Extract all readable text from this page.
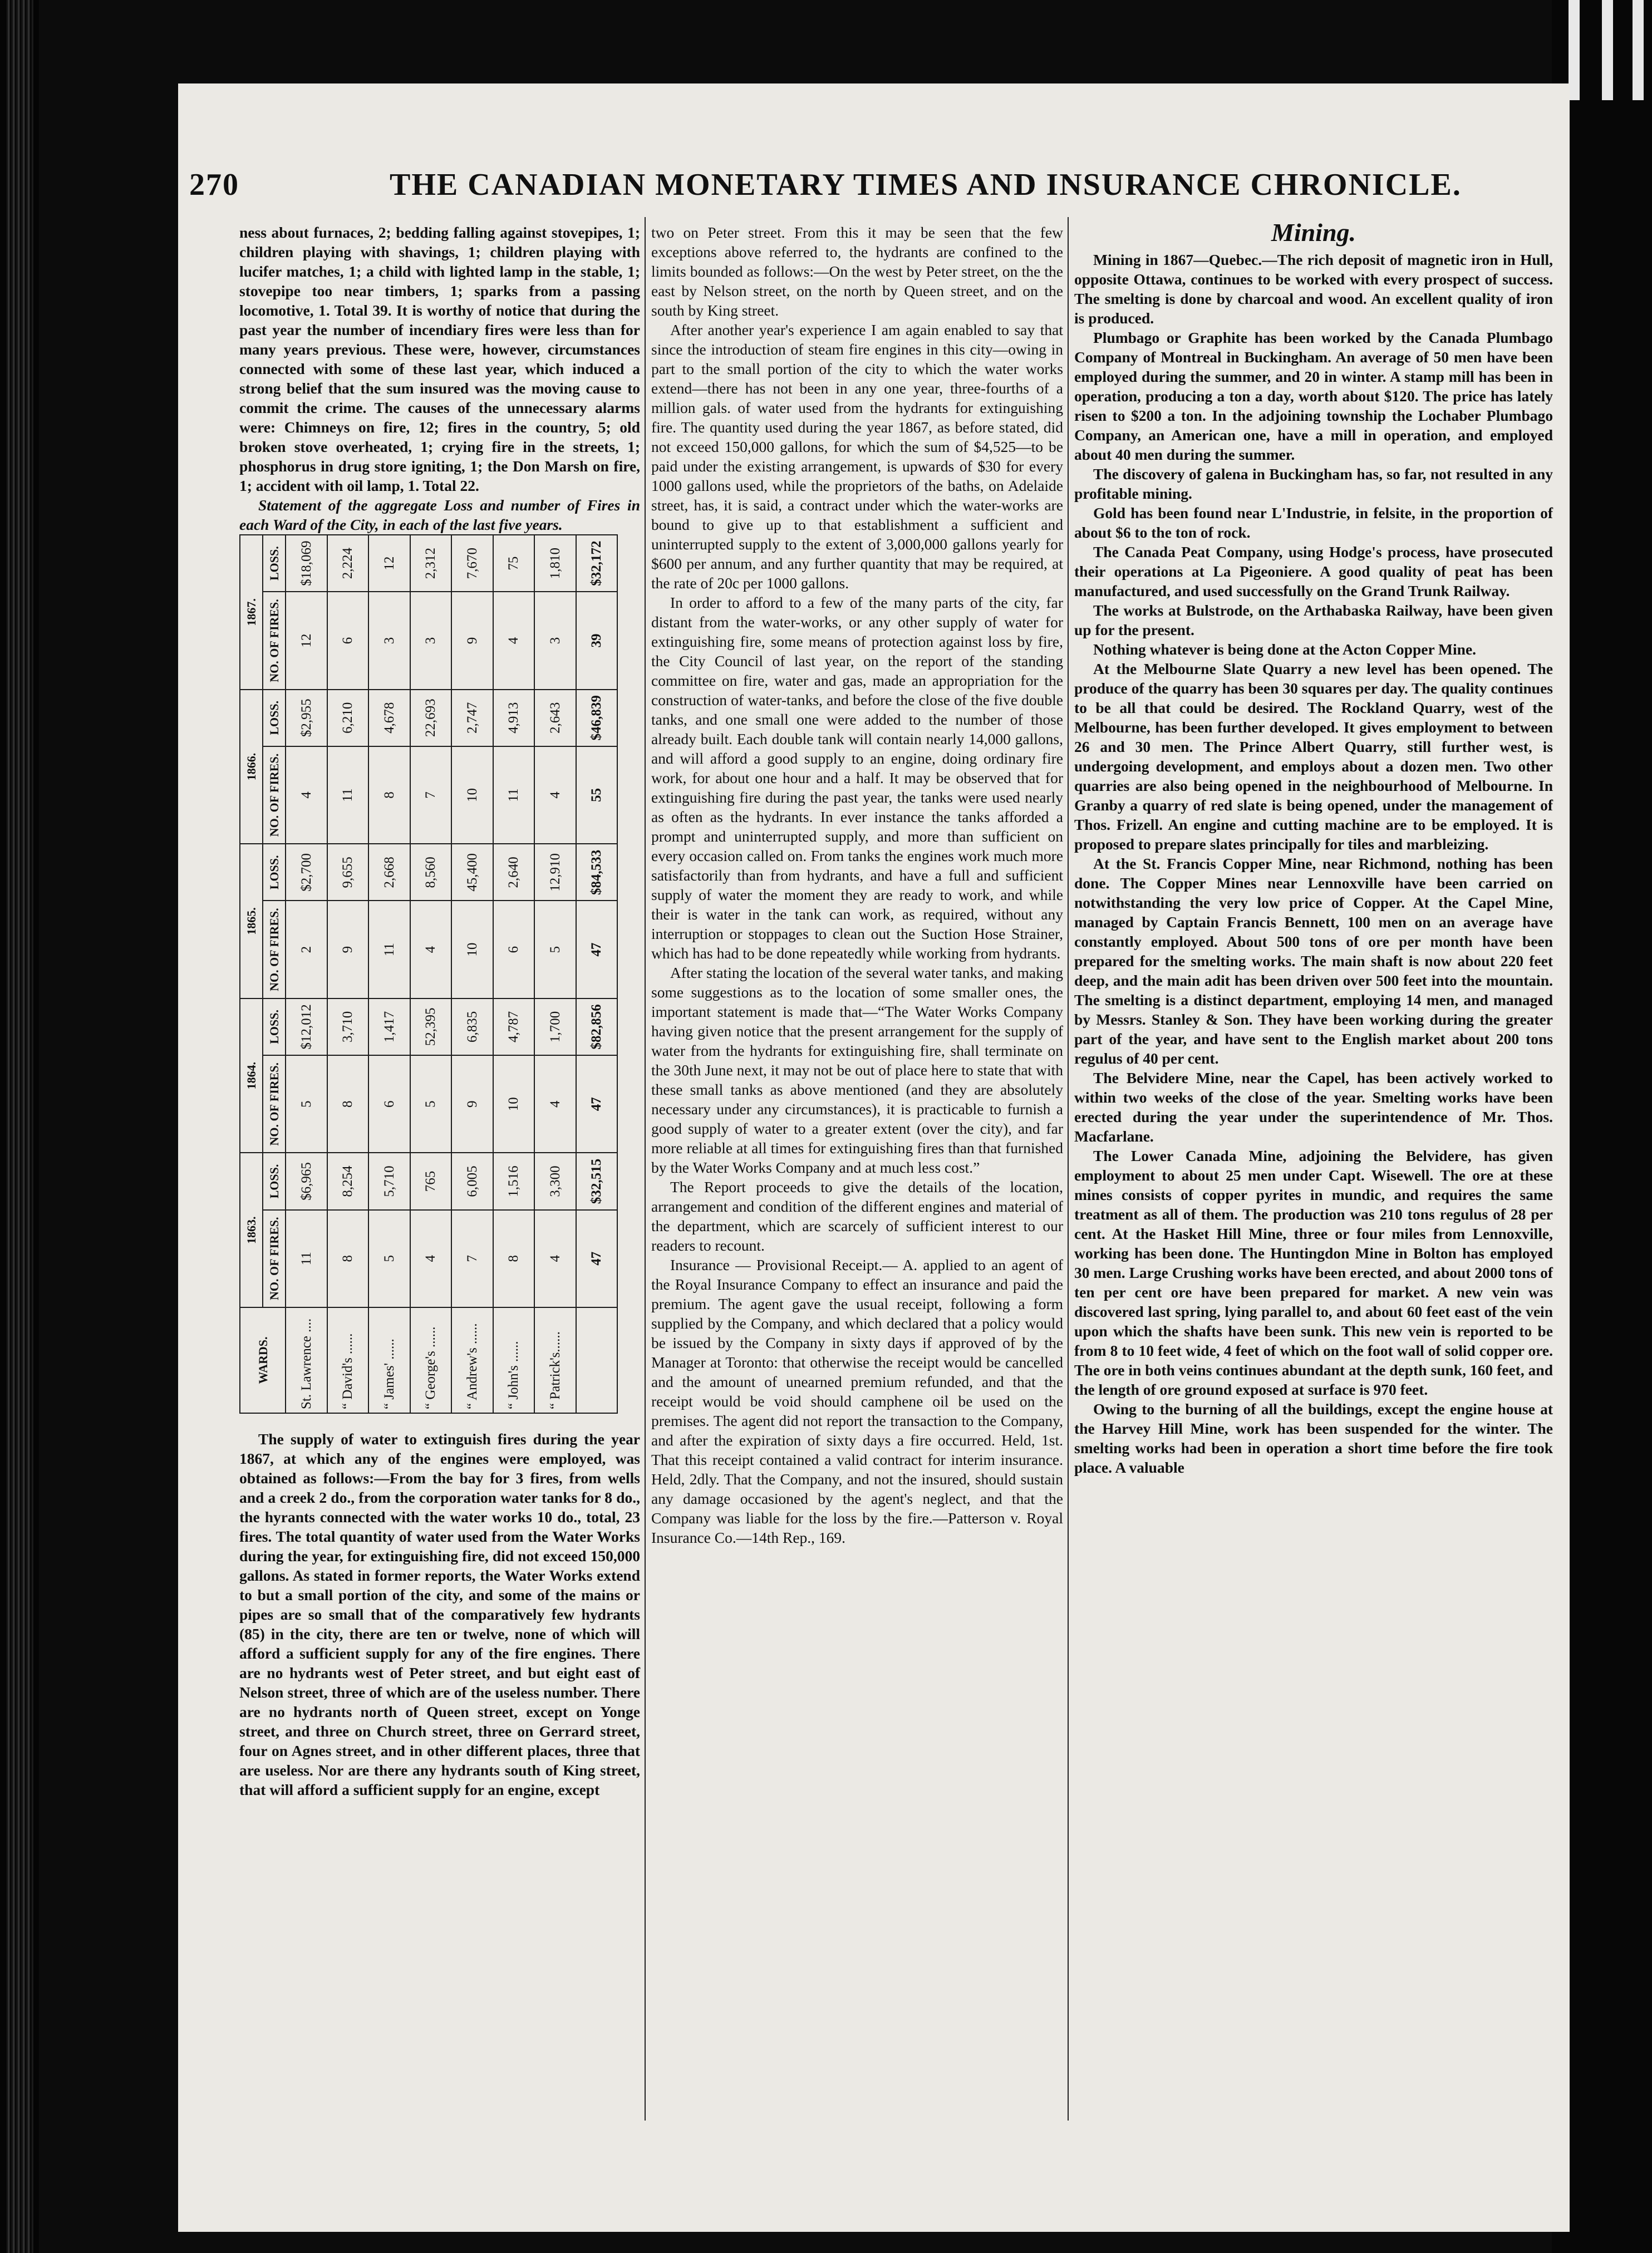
270	THE CANADIAN MONETARY TIMES AND INSURANCE CHRONICLE.

ness about furnaces, 2; bedding falling against stovepipes, 1; children playing with shavings, 1; children playing with lucifer matches, 1; a child with lighted lamp in the stable, 1; stovepipe too near timbers, 1; sparks from a passing locomotive, 1. Total 39. It is worthy of notice that during the past year the number of incendiary fires were less than for many years previous. These were, however, circumstances connected with some of these last year, which induced a strong belief that the sum insured was the moving cause to commit the crime. The causes of the unnecessary alarms were: Chimneys on fire, 12; fires in the country, 5; old broken stove overheated, 1; crying fire in the streets, 1; phosphorus in drug store igniting, 1; the Don Marsh on fire, 1; accident with oil lamp, 1. Total 22.

Statement of the aggregate Loss and number of Fires in each Ward of the City, in each of the last five years.

WARDS.	1863.		1864.		1865.		1866.		1867.	
	NO. OF FIRES.	LOSS.	NO. OF FIRES.	LOSS.	NO. OF FIRES.	LOSS.	NO. OF FIRES.	LOSS.	NO. OF FIRES.	LOSS.
St. Lawrence ....	11	$6,965	5	$12,012	2	$2,700	4	$2,955	12	$18,069
“ David's ......	8	8,254	8	3,710	9	9,655	11	6,210	6	2,224
“ James' ......	5	5,710	6	1,417	11	2,668	8	4,678	3	12
“ George's ......	4	765	5	52,395	4	8,560	7	22,693	3	2,312
“ Andrew's ......	7	6,005	9	6,835	10	45,400	10	2,747	9	7,670
“ John's ......	8	1,516	10	4,787	6	2,640	11	4,913	4	75
“ Patrick's......	4	3,300	4	1,700	5	12,910	4	2,643	3	1,810
	47	$32,515	47	$82,856	47	$84,533	55	$46,839	39	$32,172

The supply of water to extinguish fires during the year 1867, at which any of the engines were employed, was obtained as follows:—From the bay for 3 fires, from wells and a creek 2 do., from the corporation water tanks for 8 do., the hyrants connected with the water works 10 do., total, 23 fires. The total quantity of water used from the Water Works during the year, for extinguishing fire, did not exceed 150,000 gallons. As stated in former reports, the Water Works extend to but a small portion of the city, and some of the mains or pipes are so small that of the comparatively few hydrants (85) in the city, there are ten or twelve, none of which will afford a sufficient supply for any of the fire engines. There are no hydrants west of Peter street, and but eight east of Nelson street, three of which are of the useless number. There are no hydrants north of Queen street, except on Yonge street, and three on Church street, three on Gerrard street, four on Agnes street, and in other different places, three that are useless. Nor are there any hydrants south of King street, that will afford a sufficient supply for an engine, except

two on Peter street. From this it may be seen that the few exceptions above referred to, the hydrants are confined to the limits bounded as follows:—On the west by Peter street, on the the east by Nelson street, on the north by Queen street, and on the south by King street.

After another year's experience I am again enabled to say that since the introduction of steam fire engines in this city—owing in part to the small portion of the city to which the water works extend—there has not been in any one year, three-fourths of a million gals. of water used from the hydrants for extinguishing fire. The quantity used during the year 1867, as before stated, did not exceed 150,000 gallons, for which the sum of $4,525—to be paid under the existing arrangement, is upwards of $30 for every 1000 gallons used, while the proprietors of the baths, on Adelaide street, has, it is said, a contract under which the water-works are bound to give up to that establishment a sufficient and uninterrupted supply to the extent of 3,000,000 gallons yearly for $600 per annum, and any further quantity that may be required, at the rate of 20c per 1000 gallons.

In order to afford to a few of the many parts of the city, far distant from the water-works, or any other supply of water for extinguishing fire, some means of protection against loss by fire, the City Council of last year, on the report of the standing committee on fire, water and gas, made an appropriation for the construction of water-tanks, and before the close of the five double tanks, and one small one were added to the number of those already built. Each double tank will contain nearly 14,000 gallons, and will afford a good supply to an engine, doing ordinary fire work, for about one hour and a half. It may be observed that for extinguishing fire during the past year, the tanks were used nearly as often as the hydrants. In ever instance the tanks afforded a prompt and uninterrupted supply, and more than sufficient on every occasion called on. From tanks the engines work much more satisfactorily than from hydrants, and have a full and sufficient supply of water the moment they are ready to work, and while their is water in the tank can work, as required, without any interruption or stoppages to clean out the Suction Hose Strainer, which has had to be done repeatedly while working from hydrants.

After stating the location of the several water tanks, and making some suggestions as to the location of some smaller ones, the important statement is made that—“The Water Works Company having given notice that the present arrangement for the supply of water from the hydrants for extinguishing fire, shall terminate on the 30th June next, it may not be out of place here to state that with these small tanks as above mentioned (and they are absolutely necessary under any circumstances), it is practicable to furnish a good supply of water to a greater extent (over the city), and far more reliable at all times for extinguishing fires than that furnished by the Water Works Company and at much less cost.”

The Report proceeds to give the details of the location, arrangement and condition of the different engines and material of the department, which are scarcely of sufficient interest to our readers to recount.

Insurance — Provisional Receipt.— A. applied to an agent of the Royal Insurance Company to effect an insurance and paid the premium. The agent gave the usual receipt, following a form supplied by the Company, and which declared that a policy would be issued by the Company in sixty days if approved of by the Manager at Toronto: that otherwise the receipt would be cancelled and the amount of unearned premium refunded, and that the receipt would be void should camphene oil be used on the premises. The agent did not report the transaction to the Company, and after the expiration of sixty days a fire occurred. Held, 1st. That this receipt contained a valid contract for interim insurance. Held, 2dly. That the Company, and not the insured, should sustain any damage occasioned by the agent's neglect, and that the Company was liable for the loss by the fire.—Patterson v. Royal Insurance Co.—14th Rep., 169.

Mining.

Mining in 1867—Quebec.—The rich deposit of magnetic iron in Hull, opposite Ottawa, continues to be worked with every prospect of success. The smelting is done by charcoal and wood. An excellent quality of iron is produced.

Plumbago or Graphite has been worked by the Canada Plumbago Company of Montreal in Buckingham. An average of 50 men have been employed during the summer, and 20 in winter. A stamp mill has been in operation, producing a ton a day, worth about $120. The price has lately risen to $200 a ton. In the adjoining township the Lochaber Plumbago Company, an American one, have a mill in operation, and employed about 40 men during the summer.

The discovery of galena in Buckingham has, so far, not resulted in any profitable mining.

Gold has been found near L'Industrie, in felsite, in the proportion of about $6 to the ton of rock.

The Canada Peat Company, using Hodge's process, have prosecuted their operations at La Pigeoniere. A good quality of peat has been manufactured, and used successfully on the Grand Trunk Railway.

The works at Bulstrode, on the Arthabaska Railway, have been given up for the present.

Nothing whatever is being done at the Acton Copper Mine.

At the Melbourne Slate Quarry a new level has been opened. The produce of the quarry has been 30 squares per day. The quality continues to be all that could be desired. The Rockland Quarry, west of the Melbourne, has been further developed. It gives employment to between 26 and 30 men. The Prince Albert Quarry, still further west, is undergoing development, and employs about a dozen men. Two other quarries are also being opened in the neighbourhood of Melbourne. In Granby a quarry of red slate is being opened, under the management of Thos. Frizell. An engine and cutting machine are to be employed. It is proposed to prepare slates principally for tiles and marbleizing.

At the St. Francis Copper Mine, near Richmond, nothing has been done. The Copper Mines near Lennoxville have been carried on notwithstanding the very low price of Copper. At the Capel Mine, managed by Captain Francis Bennett, 100 men on an average have constantly employed. About 500 tons of ore per month have been prepared for the smelting works. The main shaft is now about 220 feet deep, and the main adit has been driven over 500 feet into the mountain. The smelting is a distinct department, employing 14 men, and managed by Messrs. Stanley & Son. They have been working during the greater part of the year, and have sent to the English market about 200 tons regulus of 40 per cent.

The Belvidere Mine, near the Capel, has been actively worked to within two weeks of the close of the year. Smelting works have been erected during the year under the superintendence of Mr. Thos. Macfarlane.

The Lower Canada Mine, adjoining the Belvidere, has given employment to about 25 men under Capt. Wisewell. The ore at these mines consists of copper pyrites in mundic, and requires the same treatment as all of them. The production was 210 tons regulus of 28 per cent. At the Hasket Hill Mine, three or four miles from Lennoxville, working has been done. The Huntingdon Mine in Bolton has employed 30 men. Large Crushing works have been erected, and about 2000 tons of ten per cent ore have been prepared for market. A new vein was discovered last spring, lying parallel to, and about 60 feet east of the vein upon which the shafts have been sunk. This new vein is reported to be from 8 to 10 feet wide, 4 feet of which on the foot wall of solid copper ore. The ore in both veins continues abundant at the depth sunk, 160 feet, and the length of ore ground exposed at surface is 970 feet.

Owing to the burning of all the buildings, except the engine house at the Harvey Hill Mine, work has been suspended for the winter. The smelting works had been in operation a short time before the fire took place. A valuable
